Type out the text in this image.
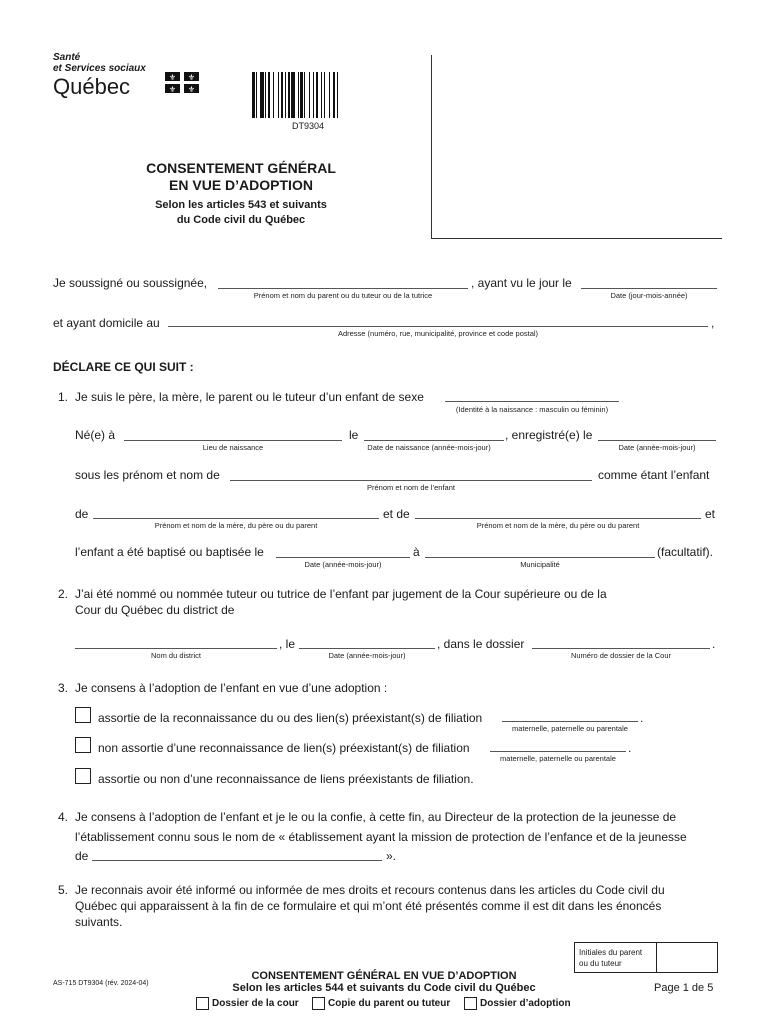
Santé
et Services sociaux
Québec	⚜ ⚜
⚜ ⚜
DT9304
CONSENTEMENT GÉNÉRAL
EN VUE D’ADOPTION
Selon les articles 543 et suivants
du Code civil du Québec
Je soussigné ou soussignée,
Prénom et nom du parent ou du tuteur ou de la tutrice
, ayant vu le jour le
Date (jour-mois-année)
et ayant domicile au	,
Adresse (numéro, rue, municipalité, province et code postal)
DÉCLARE CE QUI SUIT :
1. Je suis le père, la mère, le parent ou le tuteur d’un enfant de sexe
(Identité à la naissance : masculin ou féminin)
Né(e) à
Lieu de naissance
le
Date de naissance (année-mois-jour)
, enregistré(e) le
Date (année-mois-jour)
sous les prénom et nom de
Prénom et nom de l’enfant
comme étant l’enfant
de
Prénom et nom de la mère, du père ou du parent
et de
Prénom et nom de la mère, du père ou du parent
et
l’enfant a été baptisé ou baptisée le
Date (année-mois-jour)
à
Municipalité
(facultatif).
2. J’ai été nommé ou nommée tuteur ou tutrice de l’enfant par jugement de la Cour supérieure ou de la
Cour du Québec du district de
Nom du district
, le
Date (année-mois-jour)
, dans le dossier
Numéro de dossier de la Cour
.
3. Je consens à l’adoption de l’enfant en vue d’une adoption :
assortie de la reconnaissance du ou des lien(s) préexistant(s) de filiation
maternelle, paternelle ou parentale
.
non assortie d’une reconnaissance de lien(s) préexistant(s) de filiation
maternelle, paternelle ou parentale
.
assortie ou non d’une reconnaissance de liens préexistants de filiation.
4. Je consens à l’adoption de l’enfant et je le ou la confie, à cette fin, au Directeur de la protection de la jeunesse de
l’établissement connu sous le nom de « établissement ayant la mission de protection de l’enfance et de la jeunesse
de	».
5. Je reconnais avoir été informé ou informée de mes droits et recours contenus dans les articles du Code civil du
Québec qui apparaissent à la fin de ce formulaire et qui m’ont été présentés comme il est dit dans les énoncés
suivants.
Initiales du parent
ou du tuteur
AS-715 DT9304 (rév. 2024-04)
CONSENTEMENT GÉNÉRAL EN VUE D’ADOPTION
Selon les articles 544 et suivants du Code civil du Québec	Page 1 de 5
Dossier de la cour	Copie du parent ou tuteur	Dossier d’adoption
